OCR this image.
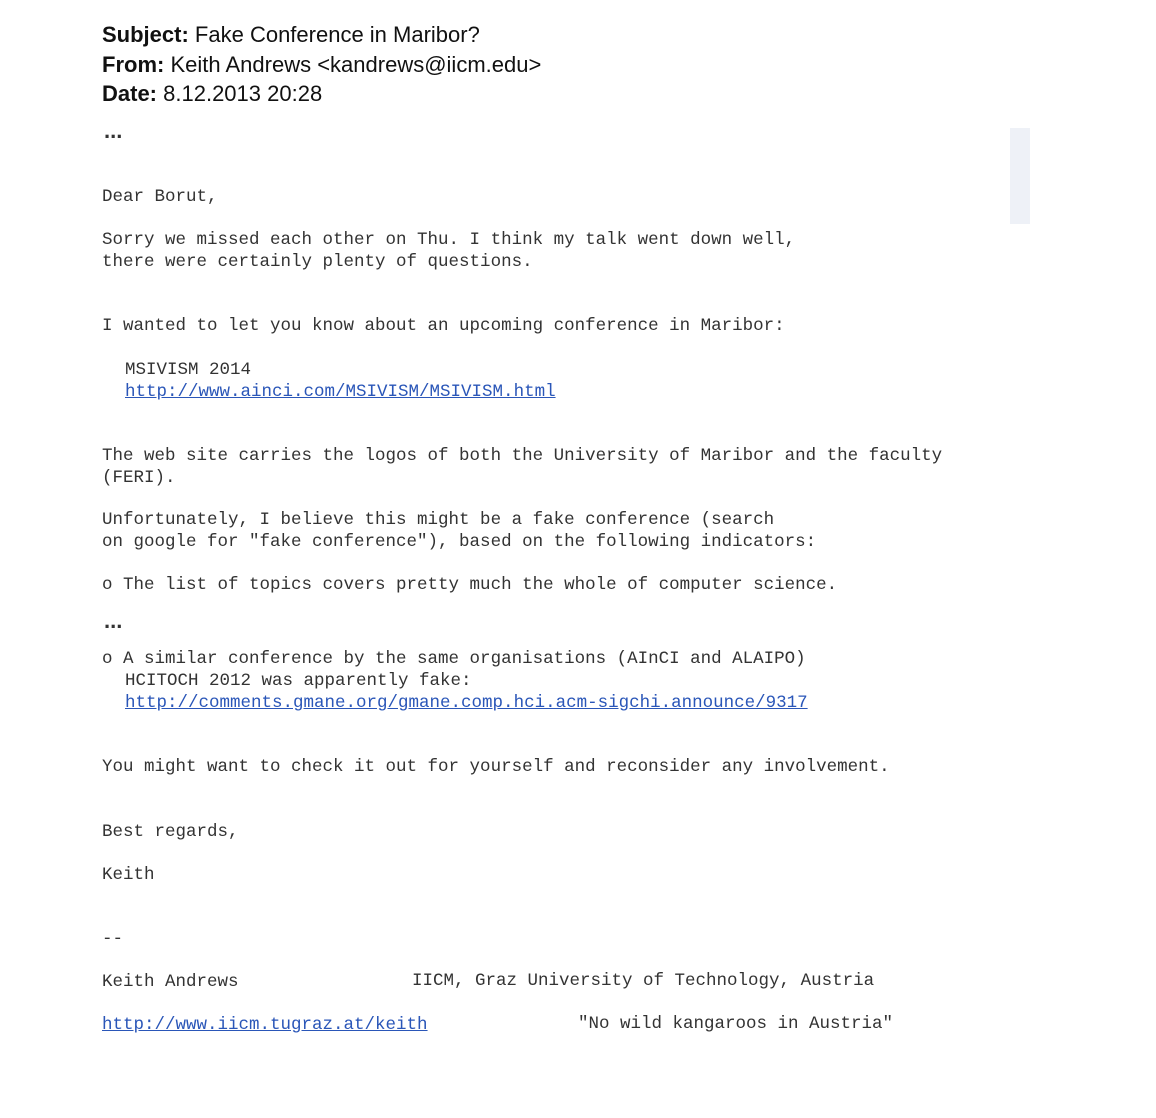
Subject: Fake Conference in Maribor?
From: Keith Andrews <kandrews@iicm.edu>
Date: 8.12.2013 20:28
...
Dear Borut,
Sorry we missed each other on Thu. I think my talk went down well,
there were certainly plenty of questions.
I wanted to let you know about an upcoming conference in Maribor:
MSIVISM 2014
http://www.ainci.com/MSIVISM/MSIVISM.html
The web site carries the logos of both the University of Maribor and the faculty
(FERI).
Unfortunately, I believe this might be a fake conference (search
on google for "fake conference"), based on the following indicators:
o The list of topics covers pretty much the whole of computer science.
...
o A similar conference by the same organisations (AInCI and ALAIPO)
HCITOCH 2012 was apparently fake:
http://comments.gmane.org/gmane.comp.hci.acm-sigchi.announce/9317
You might want to check it out for yourself and reconsider any involvement.
Best regards,
Keith
--
Keith Andrews	IICM, Graz University of Technology, Austria
http://www.iicm.tugraz.at/keith	"No wild kangaroos in Austria"
